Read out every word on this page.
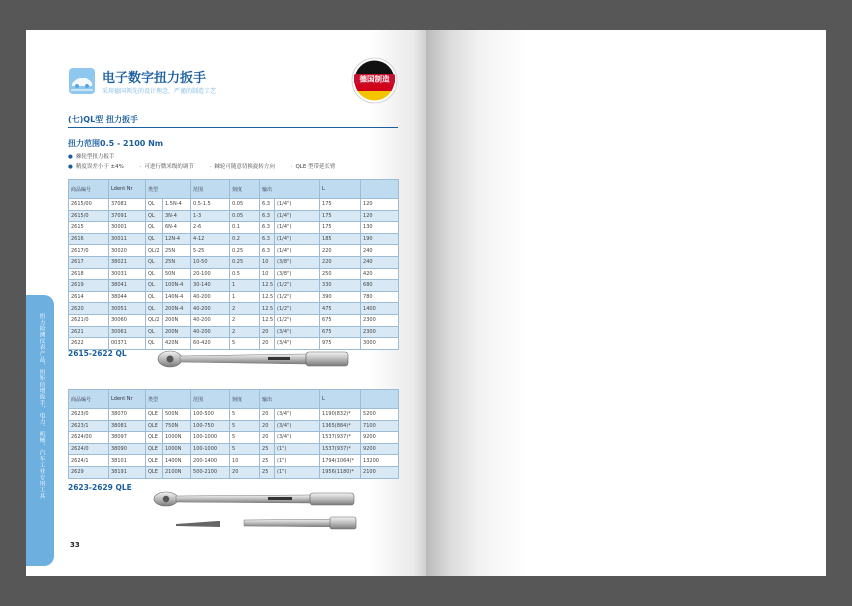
电子数字扭力扳手
采用德国领先的设计理念，严谨的制造工艺
德国制造
(七)QL型 扭力扳手
扭力范围0.5 - 2100 Nm
● 棘轮型扭力扳手
● 精度误差小于 ±4%	· 可进行微米级的调节	· 棘轮可随意切换旋转方向	· QLE 型带延长臂
商品编号	Ldent Nr	类型		范围	刻度	输出		L	
2615/00	37081	QL	1.5N-4	0.5-1.5	0.05	6.3	(1/4")	175	120
2615/0	37091	QL	3N-4	1-3	0.05	6.3	(1/4")	175	120
2615	30001	QL	6N-4	2-6	0.1	6.3	(1/4")	175	130
2616	30011	QL	12N-4	4-12	0.2	6.3	(1/4")	185	190
2617/0	30020	QL/2	25N	5-25	0.25	6.3	(1/4")	220	240
2617	38021	QL	25N	10-50	0.25	10	(3/8")	220	240
2618	30031	QL	50N	20-100	0.5	10	(3/8")	250	420
2619	38041	QL	100N-4	30-140	1	12.5	(1/2")	330	680
2614	38044	QL	140N-4	40-200	1	12.5	(1/2")	390	780
2620	30051	QL	200N-4	40-200	2	12.5	(1/2")	475	1400
2621/0	30060	QL/2	200N	40-200	2	12.5	(1/2")	675	2300
2621	30061	QL	200N	40-200	2	20	(3/4")	675	2300
2622	00371	QL	420N	60-420	5	20	(3/4")	975	3000
2615-2622 QL
商品编号	Ldent Nr	类型		范围	刻度	输出		L	
2623/0	38070	QLE	500N	100-500	5	20	(3/4")	1190(832)*	5200
2623/1	38081	QLE	750N	100-750	5	20	(3/4")	1365(884)*	7100
2624/00	38097	QLE	1000N	100-1000	5	20	(3/4")	1537(937)*	9200
2624/0	38090	QLE	1000N	100-1000	5	25	(1")	1537(937)*	9200
2624/1	38101	QLE	1400N	200-1400	10	25	(1")	1794(1064)*	13200
2629	38191	QLE	2100N	500-2100	20	25	(1")	1956(1180)*	2100
2623-2629 QLE
扭力检测仪表产品，扭矩倍增扳手，电力、机械、汽车工业专用工具
33
